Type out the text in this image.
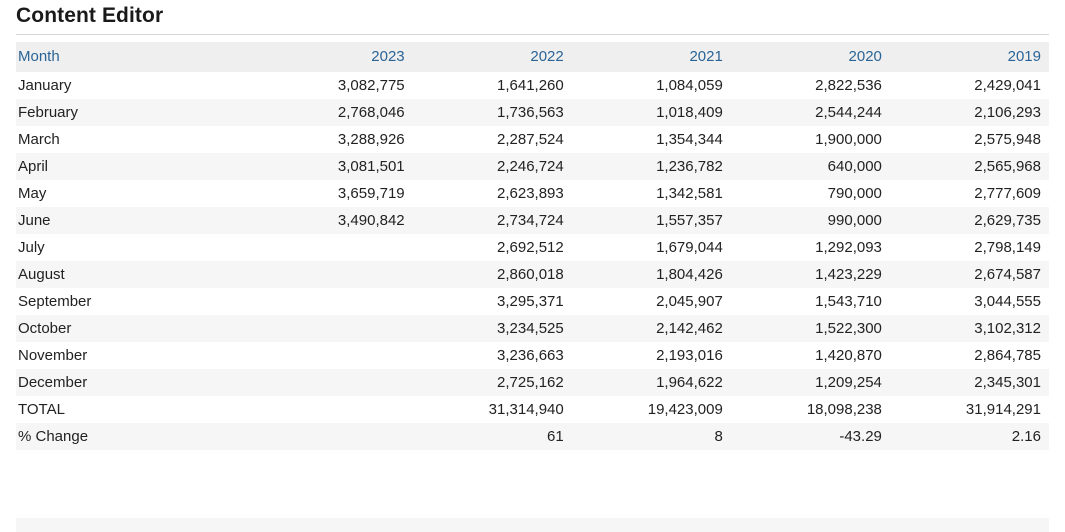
Content Editor
Month	2023	2022	2021	2020	2019
January	3,082,775	1,641,260	1,084,059	2,822,536	2,429,041
February	2,768,046	1,736,563	1,018,409	2,544,244	2,106,293
March	3,288,926	2,287,524	1,354,344	1,900,000	2,575,948
April	3,081,501	2,246,724	1,236,782	640,000	2,565,968
May	3,659,719	2,623,893	1,342,581	790,000	2,777,609
June	3,490,842	2,734,724	1,557,357	990,000	2,629,735
July		2,692,512	1,679,044	1,292,093	2,798,149
August		2,860,018	1,804,426	1,423,229	2,674,587
September		3,295,371	2,045,907	1,543,710	3,044,555
October		3,234,525	2,142,462	1,522,300	3,102,312
November		3,236,663	2,193,016	1,420,870	2,864,785
December		2,725,162	1,964,622	1,209,254	2,345,301
TOTAL		31,314,940	19,423,009	18,098,238	31,914,291
% Change		61	8	-43.29	2.16
